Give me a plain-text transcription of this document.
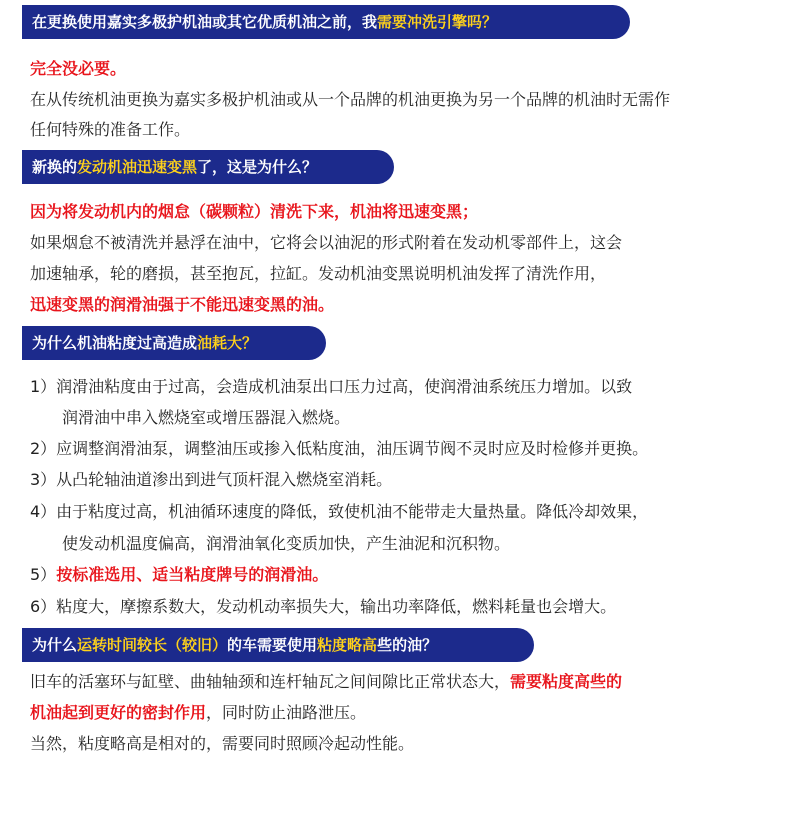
在更换使用嘉实多极护机油或其它优质机油之前，我需要冲洗引擎吗？
完全没必要。
在从传统机油更换为嘉实多极护机油或从一个品牌的机油更换为另一个品牌的机油时无需作
任何特殊的准备工作。
新换的发动机油迅速变黑了，这是为什么？
因为将发动机内的烟怠（碳颗粒）清洗下来，机油将迅速变黑；
如果烟怠不被清洗并悬浮在油中，它将会以油泥的形式附着在发动机零部件上，这会
加速轴承，轮的磨损，甚至抱瓦，拉缸。发动机油变黑说明机油发挥了清洗作用，
迅速变黑的润滑油强于不能迅速变黑的油。
为什么机油粘度过高造成油耗大？
1）润滑油粘度由于过高，会造成机油泵出口压力过高，使润滑油系统压力增加。以致
润滑油中串入燃烧室或增压器混入燃烧。
2）应调整润滑油泵，调整油压或掺入低粘度油，油压调节阀不灵时应及时检修并更换。
3）从凸轮轴油道渗出到进气顶杆混入燃烧室消耗。
4）由于粘度过高，机油循环速度的降低，致使机油不能带走大量热量。降低冷却效果，
使发动机温度偏高，润滑油氧化变质加快，产生油泥和沉积物。
5）按标准选用、适当粘度牌号的润滑油。
6）粘度大，摩擦系数大，发动机动率损失大，输出功率降低，燃料耗量也会增大。
为什么运转时间较长（较旧）的车需要使用粘度略高些的油？
旧车的活塞环与缸壁、曲轴轴颈和连杆轴瓦之间间隙比正常状态大，需要粘度高些的
机油起到更好的密封作用，同时防止油路泄压。
当然，粘度略高是相对的，需要同时照顾冷起动性能。
